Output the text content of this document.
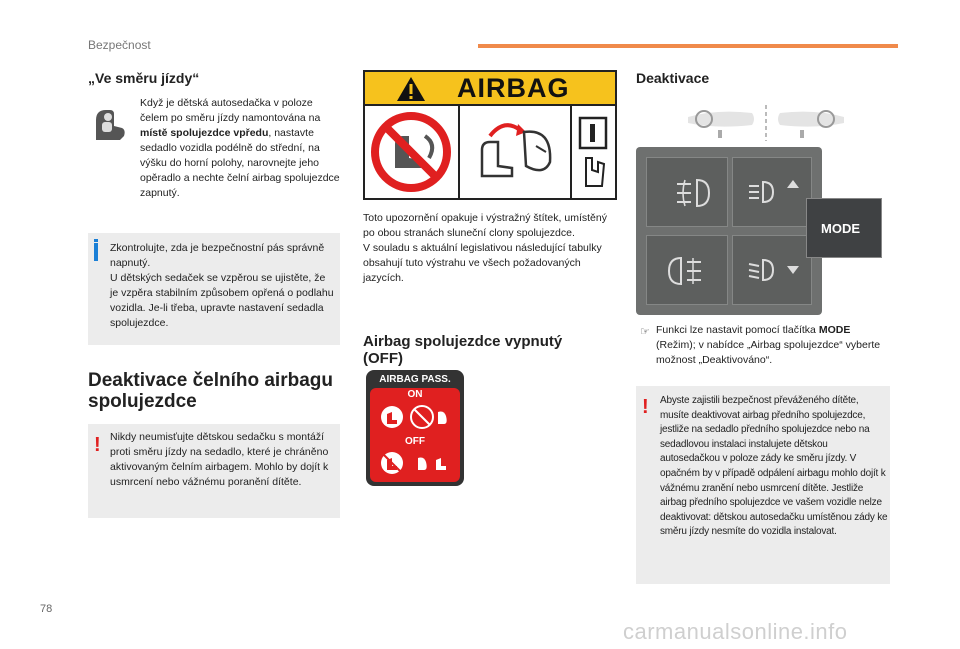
Bezpečnost
„Ve směru jízdy“
Když je dětská autosedačka v poloze čelem po směru jízdy namontována na místě spolujezdce vpředu, nastavte sedadlo vozidla podélně do střední, na výšku do horní polohy, narovnejte jeho opěradlo a nechte čelní airbag spolujezdce zapnutý.
Zkontrolujte, zda je bezpečnostní pás správně napnutý.
U dětských sedaček se vzpěrou se ujistěte, že je vzpěra stabilním způsobem opřená o podlahu vozidla. Je-li třeba, upravte nastavení sedadla spolujezdce.
Deaktivace čelního airbagu spolujezdce
! Nikdy neumisťujte dětskou sedačku s montáží proti směru jízdy na sedadlo, které je chráněno aktivovaným čelním airbagem. Mohlo by dojít k usmrcení nebo vážnému poranění dítěte.
AIRBAG
Toto upozornění opakuje i výstražný štítek, umístěný po obou stranách sluneční clony spolujezdce.
V souladu s aktuální legislativou následující tabulky obsahují tuto výstrahu ve všech požadovaných jazycích.
Airbag spolujezdce vypnutý (OFF)
AIRBAG PASS.
ON
OFF
Deaktivace
MODE
☞ Funkci lze nastavit pomocí tlačítka MODE (Režim); v nabídce „Airbag spolujezdce“ vyberte možnost „Deaktivováno“.
! Abyste zajistili bezpečnost převáženého dítěte, musíte deaktivovat airbag předního spolujezdce, jestliže na sedadlo předního spolujezdce nebo na sedadlovou instalaci instalujete dětskou autosedačkou v poloze zády ke směru jízdy. V opačném by v případě odpálení airbagu mohlo dojít k vážnému zranění nebo usmrcení dítěte. Jestliže airbag předního spolujezdce ve vašem vozidle nelze deaktivovat: dětskou autosedačku umístěnou zády ke směru jízdy nesmíte do vozidla instalovat.
78
carmanualsonline.info
